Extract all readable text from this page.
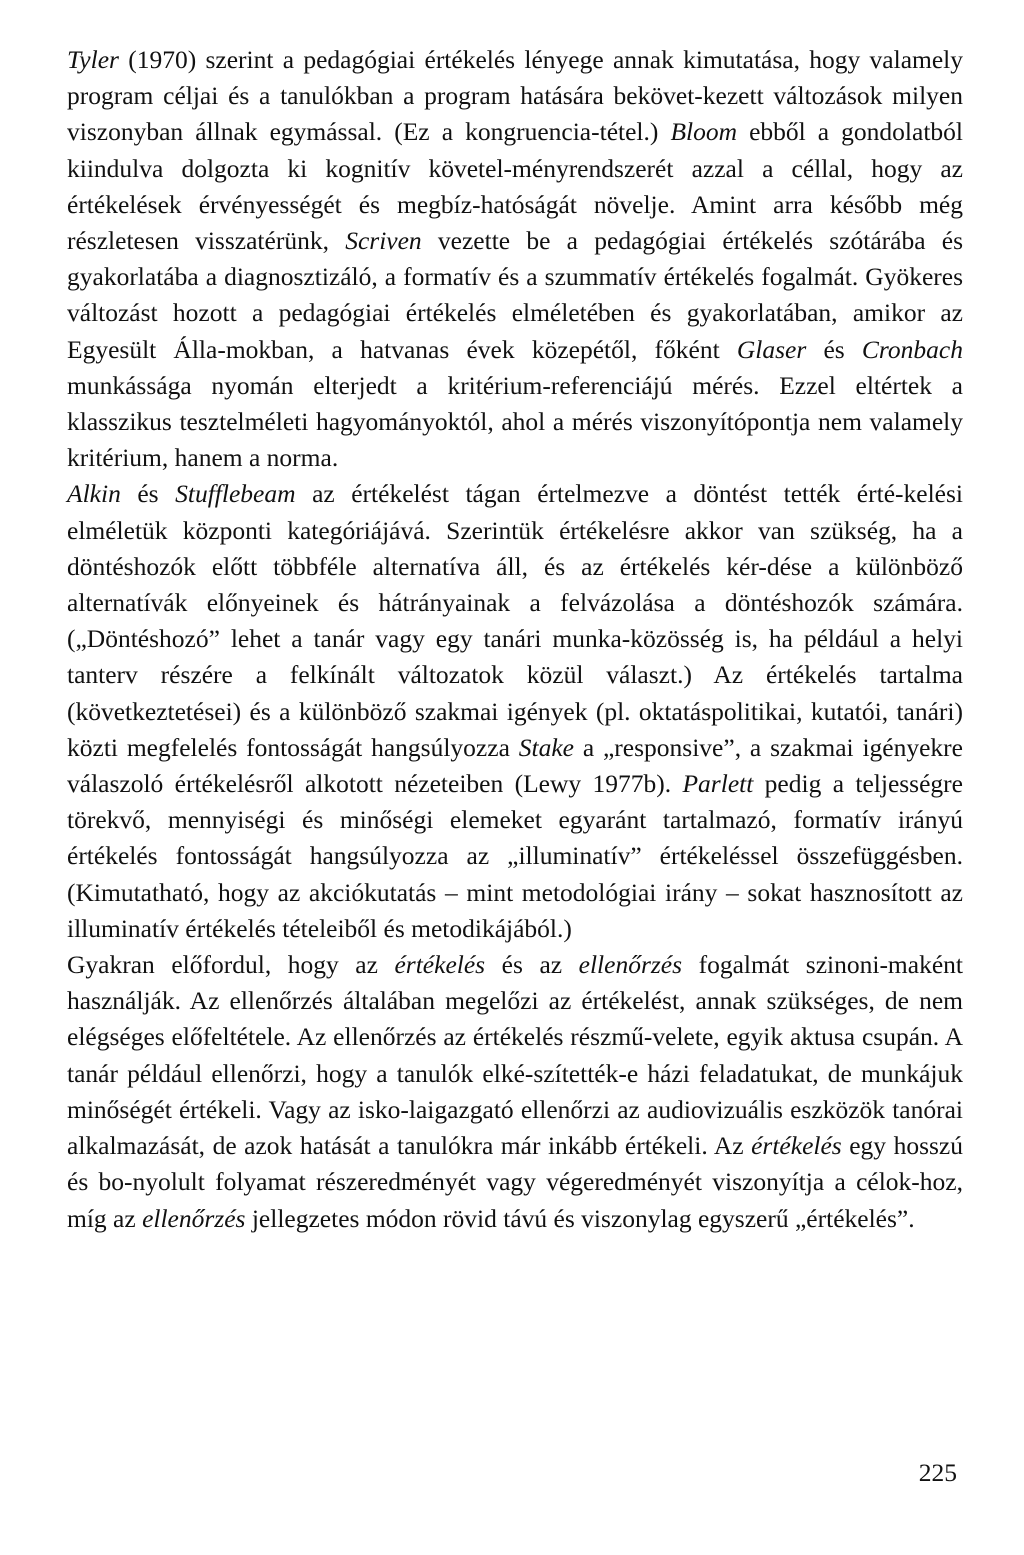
Tyler (1970) szerint a pedagógiai értékelés lényege annak kimutatása, hogy valamely program céljai és a tanulókban a program hatására bekövet-kezett változások milyen viszonyban állnak egymással. (Ez a kongruencia-tétel.) Bloom ebből a gondolatból kiindulva dolgozta ki kognitív követel-ményrendszerét azzal a céllal, hogy az értékelések érvényességét és megbíz-hatóságát növelje. Amint arra később még részletesen visszatérünk, Scriven vezette be a pedagógiai értékelés szótárába és gyakorlatába a diagnosztizáló, a formatív és a szummatív értékelés fogalmát. Gyökeres változást hozott a pedagógiai értékelés elméletében és gyakorlatában, amikor az Egyesült Álla-mokban, a hatvanas évek közepétől, főként Glaser és Cronbach munkássága nyomán elterjedt a kritérium-referenciájú mérés. Ezzel eltértek a klasszikus tesztelméleti hagyományoktól, ahol a mérés viszonyítópontja nem valamely kritérium, hanem a norma.

Alkin és Stufflebeam az értékelést tágan értelmezve a döntést tették érté-kelési elméletük központi kategóriájává. Szerintük értékelésre akkor van szükség, ha a döntéshozók előtt többféle alternatíva áll, és az értékelés kér-dése a különböző alternatívák előnyeinek és hátrányainak a felvázolása a döntéshozók számára. („Döntéshozó” lehet a tanár vagy egy tanári munka-közösség is, ha például a helyi tanterv részére a felkínált változatok közül választ.) Az értékelés tartalma (következtetései) és a különböző szakmai igények (pl. oktatáspolitikai, kutatói, tanári) közti megfelelés fontosságát hangsúlyozza Stake a „responsive”, a szakmai igényekre válaszoló értékelésről alkotott nézeteiben (Lewy 1977b). Parlett pedig a teljességre törekvő, mennyiségi és minőségi elemeket egyaránt tartalmazó, formatív irányú értékelés fontosságát hangsúlyozza az „illuminatív” értékeléssel összefüggésben. (Kimutatható, hogy az akciókutatás – mint metodológiai irány – sokat hasznosított az illuminatív értékelés tételeiből és metodikájából.)

Gyakran előfordul, hogy az értékelés és az ellenőrzés fogalmát szinoni-maként használják. Az ellenőrzés általában megelőzi az értékelést, annak szükséges, de nem elégséges előfeltétele. Az ellenőrzés az értékelés részmű-velete, egyik aktusa csupán. A tanár például ellenőrzi, hogy a tanulók elké-szítették-e házi feladatukat, de munkájuk minőségét értékeli. Vagy az isko-laigazgató ellenőrzi az audiovizuális eszközök tanórai alkalmazását, de azok hatását a tanulókra már inkább értékeli. Az értékelés egy hosszú és bo-nyolult folyamat részeredményét vagy végeredményét viszonyítja a célok-hoz, míg az ellenőrzés jellegzetes módon rövid távú és viszonylag egyszerű „értékelés”.

225
